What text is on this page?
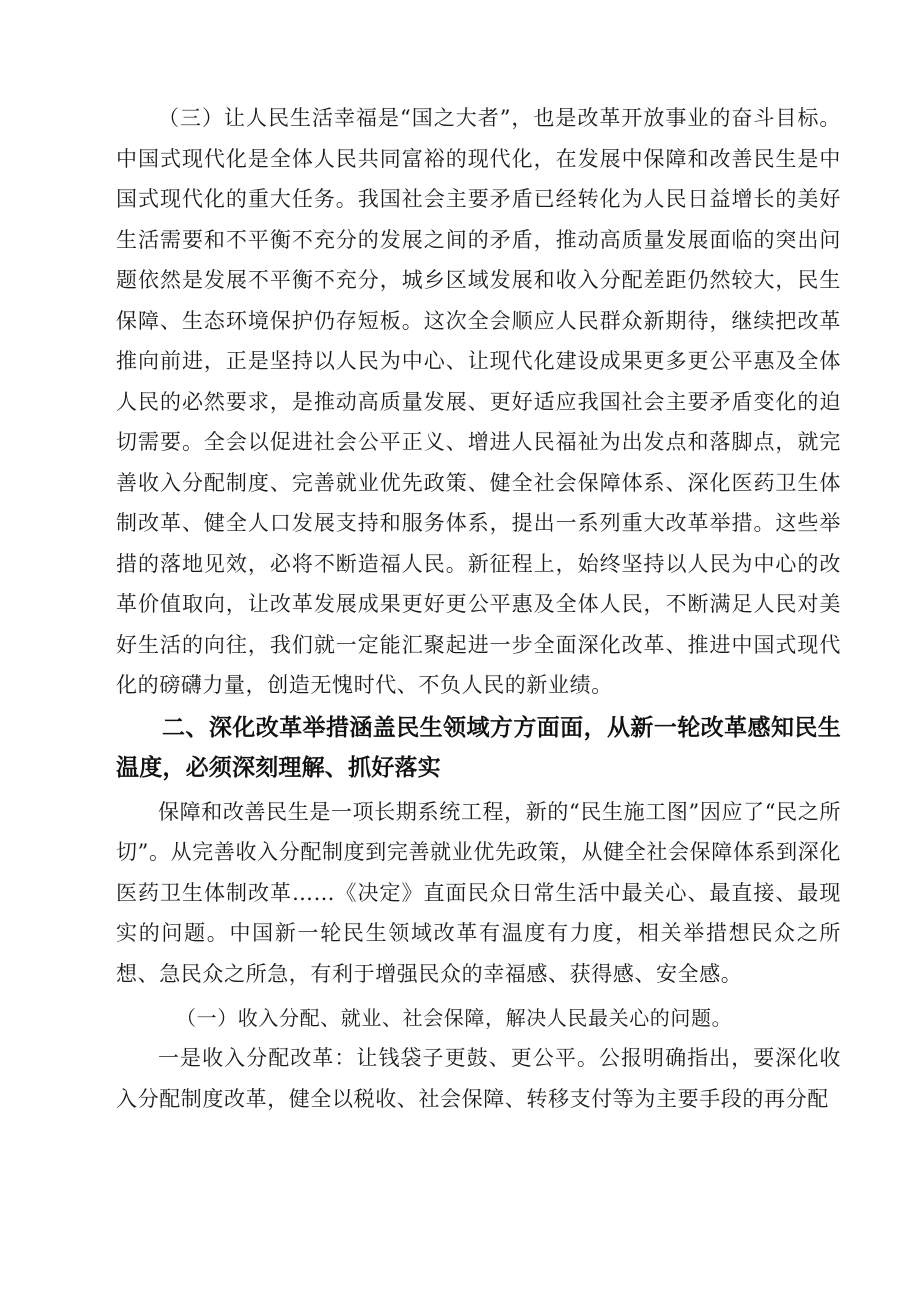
（三）让人民生活幸福是“国之大者”，也是改革开放事业的奋斗目标。中国式现代化是全体人民共同富裕的现代化，在发展中保障和改善民生是中国式现代化的重大任务。我国社会主要矛盾已经转化为人民日益增长的美好生活需要和不平衡不充分的发展之间的矛盾，推动高质量发展面临的突出问题依然是发展不平衡不充分，城乡区域发展和收入分配差距仍然较大，民生保障、生态环境保护仍存短板。这次全会顺应人民群众新期待，继续把改革推向前进，正是坚持以人民为中心、让现代化建设成果更多更公平惠及全体人民的必然要求，是推动高质量发展、更好适应我国社会主要矛盾变化的迫切需要。全会以促进社会公平正义、增进人民福祉为出发点和落脚点，就完善收入分配制度、完善就业优先政策、健全社会保障体系、深化医药卫生体制改革、健全人口发展支持和服务体系，提出一系列重大改革举措。这些举措的落地见效，必将不断造福人民。新征程上，始终坚持以人民为中心的改革价值取向，让改革发展成果更好更公平惠及全体人民，不断满足人民对美好生活的向往，我们就一定能汇聚起进一步全面深化改革、推进中国式现代化的磅礴力量，创造无愧时代、不负人民的新业绩。

二、深化改革举措涵盖民生领域方方面面，从新一轮改革感知民生温度，必须深刻理解、抓好落实

保障和改善民生是一项长期系统工程，新的“民生施工图”因应了“民之所切”。从完善收入分配制度到完善就业优先政策，从健全社会保障体系到深化医药卫生体制改革……《决定》直面民众日常生活中最关心、最直接、最现实的问题。中国新一轮民生领域改革有温度有力度，相关举措想民众之所想、急民众之所急，有利于增强民众的幸福感、获得感、安全感。

（一）收入分配、就业、社会保障，解决人民最关心的问题。

一是收入分配改革：让钱袋子更鼓、更公平。公报明确指出，要深化收入分配制度改革，健全以税收、社会保障、转移支付等为主要手段的再分配
